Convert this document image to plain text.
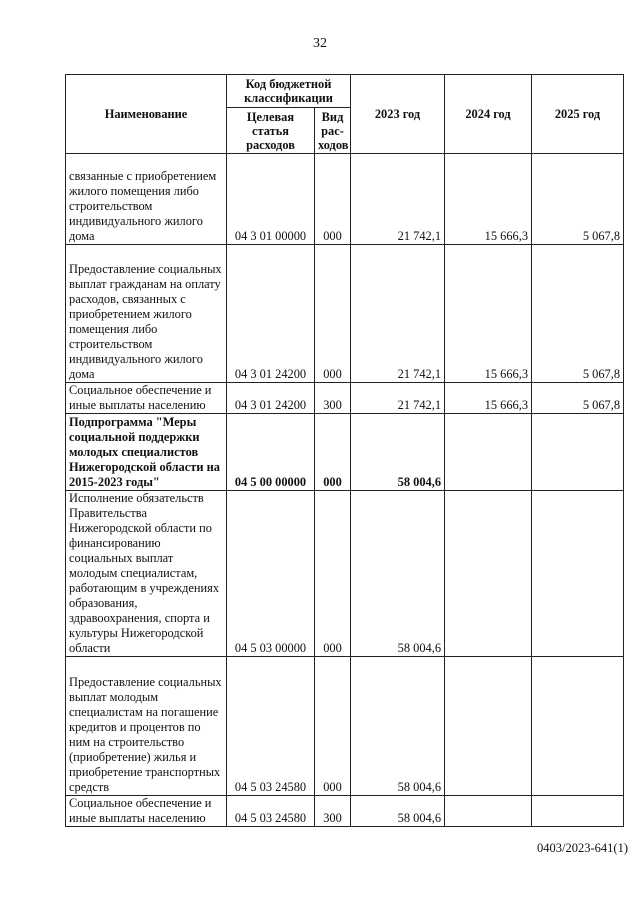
32
Наименование	Код бюджетной классификации		2023 год	2024 год	2025 год
	Целевая статья расходов	Вид рас-ходов			
связанные с приобретением жилого помещения либо строительством индивидуального жилого дома	04 3 01 00000	000	21 742,1	15 666,3	5 067,8
Предоставление социальных выплат гражданам на оплату расходов, связанных с приобретением жилого помещения либо строительством индивидуального жилого дома	04 3 01 24200	000	21 742,1	15 666,3	5 067,8
Социальное обеспечение и иные выплаты населению	04 3 01 24200	300	21 742,1	15 666,3	5 067,8
Подпрограмма "Меры социальной поддержки молодых специалистов Нижегородской области на 2015-2023 годы"	04 5 00 00000	000	58 004,6		
Исполнение обязательств Правительства Нижегородской области по финансированию социальных выплат молодым специалистам, работающим в учреждениях образования, здравоохранения, спорта и культуры Нижегородской области	04 5 03 00000	000	58 004,6		
Предоставление социальных выплат молодым специалистам на погашение кредитов и процентов по ним на строительство (приобретение) жилья и приобретение транспортных средств	04 5 03 24580	000	58 004,6		
Социальное обеспечение и иные выплаты населению	04 5 03 24580	300	58 004,6		
0403/2023-641(1)
